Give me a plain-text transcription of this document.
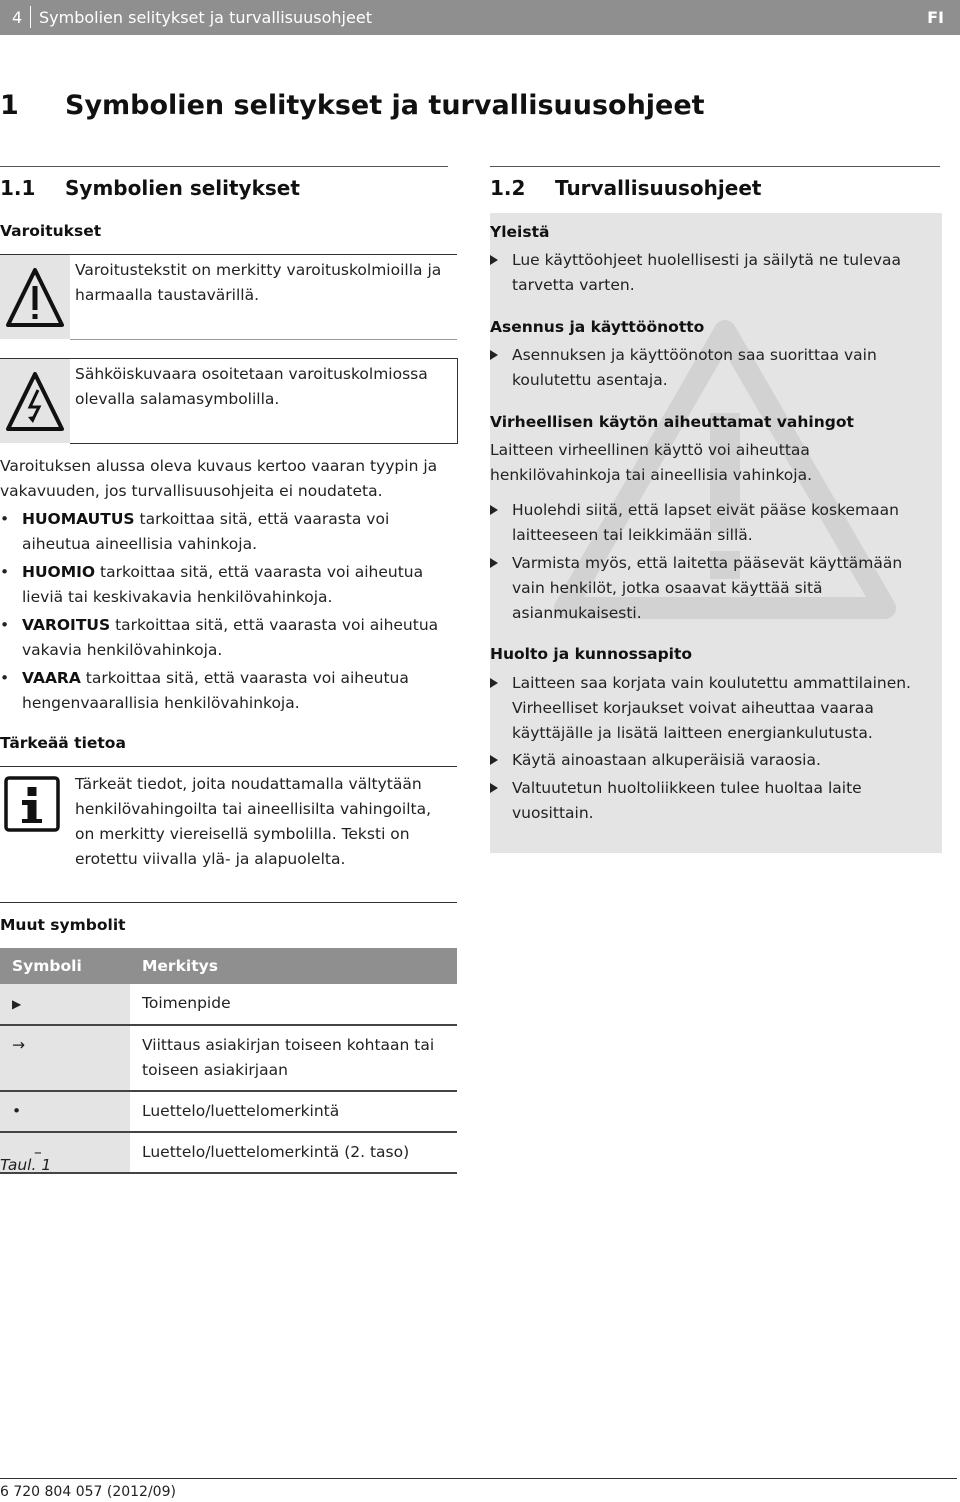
4 Symbolien selitykset ja turvallisuusohjeet	FI
1 Symbolien selitykset ja turvallisuusohjeet
1.1 Symbolien selitykset
Varoitukset
Varoitustekstit on merkitty varoituskolmioilla ja harmaalla taustavärillä.
Sähköiskuvaara osoitetaan varoituskolmiossa olevalla salamasymbolilla.
Varoituksen alussa oleva kuvaus kertoo vaaran tyypin ja vakavuuden, jos turvallisuusohjeita ei noudateta.
• HUOMAUTUS tarkoittaa sitä, että vaarasta voi aiheutua aineellisia vahinkoja.
• HUOMIO tarkoittaa sitä, että vaarasta voi aiheutua lieviä tai keskivakavia henkilövahinkoja.
• VAROITUS tarkoittaa sitä, että vaarasta voi aiheutua vakavia henkilövahinkoja.
• VAARA tarkoittaa sitä, että vaarasta voi aiheutua hengenvaarallisia henkilövahinkoja.
Tärkeää tietoa
Tärkeät tiedot, joita noudattamalla vältytään henkilövahingoilta tai aineellisilta vahingoilta, on merkitty viereisellä symbolilla. Teksti on erotettu viivalla ylä- ja alapuolelta.
Muut symbolit
Symboli	Merkitys
▶	Toimenpide
→	Viittaus asiakirjan toiseen kohtaan tai toiseen asiakirjaan
•	Luettelo/luettelomerkintä
–	Luettelo/luettelomerkintä (2. taso)
Taul. 1
1.2 Turvallisuusohjeet
Yleistä
Lue käyttöohjeet huolellisesti ja säilytä ne tulevaa tarvetta varten.
Asennus ja käyttöönotto
Asennuksen ja käyttöönoton saa suorittaa vain koulutettu asentaja.
Virheellisen käytön aiheuttamat vahingot
Laitteen virheellinen käyttö voi aiheuttaa henkilövahinkoja tai aineellisia vahinkoja.
Huolehdi siitä, että lapset eivät pääse koskemaan laitteeseen tai leikkimään sillä.
Varmista myös, että laitetta pääsevät käyttämään vain henkilöt, jotka osaavat käyttää sitä asianmukaisesti.
Huolto ja kunnossapito
Laitteen saa korjata vain koulutettu ammattilainen. Virheelliset korjaukset voivat aiheuttaa vaaraa käyttäjälle ja lisätä laitteen energiankulutusta.
Käytä ainoastaan alkuperäisiä varaosia.
Valtuutetun huoltoliikkeen tulee huoltaa laite vuosittain.
6 720 804 057 (2012/09)
